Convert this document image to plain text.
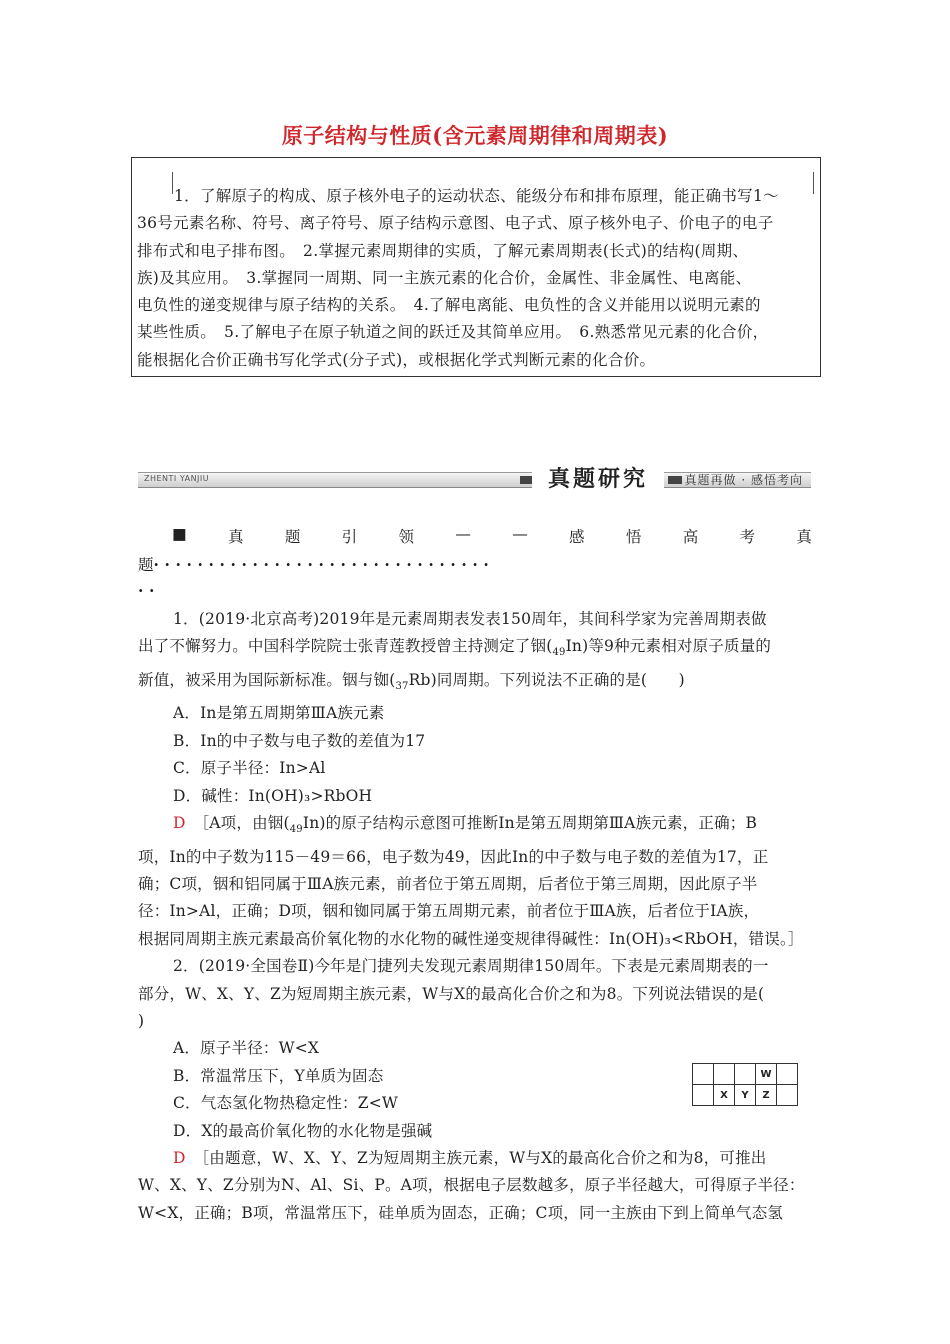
原子结构与性质(含元素周期律和周期表)
1．了解原子的构成、原子核外电子的运动状态、能级分布和排布原理，能正确书写1～
36号元素名称、符号、离子符号、原子结构示意图、电子式、原子核外电子、价电子的电子
排布式和电子排布图。　2.掌握元素周期律的实质，了解元素周期表(长式)的结构(周期、
族)及其应用。　3.掌握同一周期、同一主族元素的化合价，金属性、非金属性、电离能、
电负性的递变规律与原子结构的关系。　4.了解电离能、电负性的含义并能用以说明元素的
某些性质。　5.了解电子在原子轨道之间的跃迁及其简单应用。　6.熟悉常见元素的化合价，
能根据化合价正确书写化学式(分子式)，或根据化学式判断元素的化合价。
ZHENTI YANJIU	真题研究	真题再做 · 感悟考向
■	真	题	引	领	—	—	感	悟	高	考	真
题·······························
··
1．(2019·北京高考)2019年是元素周期表发表150周年，其间科学家为完善周期表做
出了不懈努力。中国科学院院士张青莲教授曾主持测定了铟$(_{49}In)$等9种元素相对原子质量的
新值，被采用为国际新标准。铟与铷$(_{37}Rb)$同周期。下列说法不正确的是(　　)
A．In是第五周期第ⅢA族元素
B．In的中子数与电子数的差值为17
C．原子半径：In>Al
D．碱性：In(OH)₃>RbOH
D　 ［A项，由铟$(_{49}In)$的原子结构示意图可推断In是第五周期第ⅢA族元素，正确；B
项，In的中子数为115－49＝66，电子数为49，因此In的中子数与电子数的差值为17，正
确；C项，铟和铝同属于ⅢA族元素，前者位于第五周期，后者位于第三周期，因此原子半
径：In>Al，正确；D项，铟和铷同属于第五周期元素，前者位于ⅢA族，后者位于ⅠA族，
根据同周期主族元素最高价氧化物的水化物的碱性递变规律得碱性：In(OH)₃<RbOH，错误。］
2．(2019·全国卷Ⅱ)今年是门捷列夫发现元素周期律150周年。下表是元素周期表的一
部分，W、X、Y、Z为短周期主族元素，W与X的最高化合价之和为8。下列说法错误的是(
)
A．原子半径：W<X
B．常温常压下，Y单质为固态
C．气态氢化物热稳定性：Z<W
D．X的最高价氧化物的水化物是强碱
D　 ［由题意，W、X、Y、Z为短周期主族元素，W与X的最高化合价之和为8，可推出
W、X、Y、Z分别为N、Al、Si、P。A项，根据电子层数越多，原子半径越大，可得原子半径：
W<X，正确；B项，常温常压下，硅单质为固态，正确；C项，同一主族由下到上简单气态氢
			W	
	X	Y	Z	
